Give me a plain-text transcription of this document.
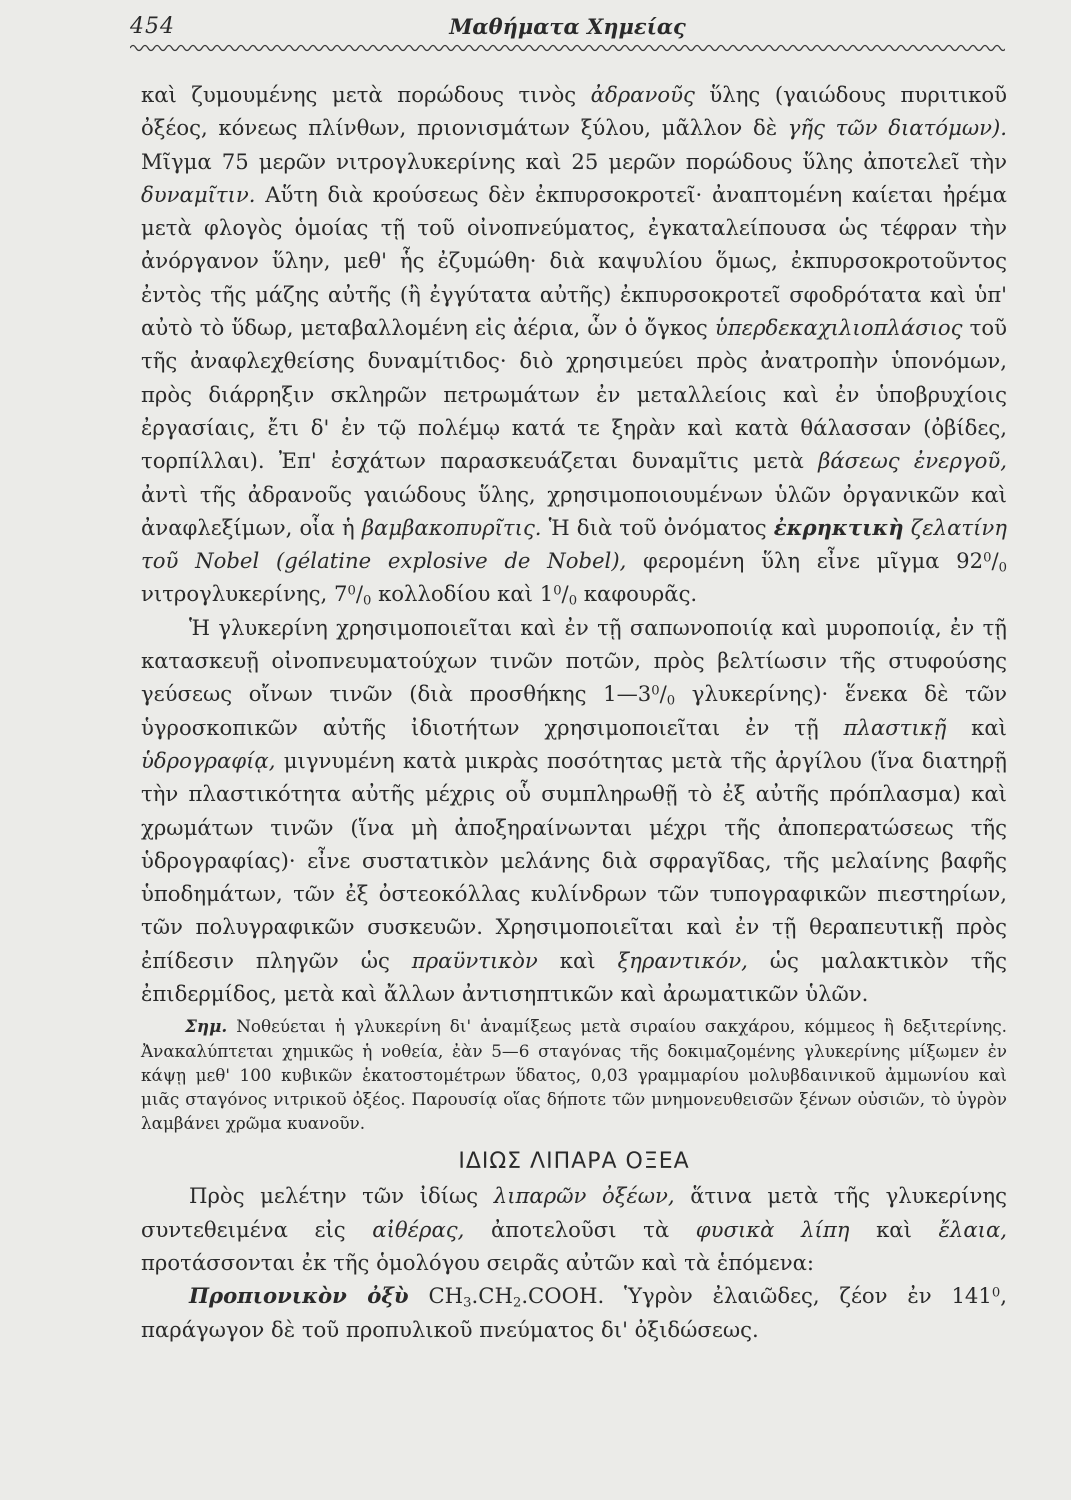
454	Μαθήματα Χημείας

καὶ ζυμουμένης μετὰ πορώδους τινὸς ἀδρανοῦς ὕλης (γαιώδους πυριτικοῦ ὀξέος, κόνεως πλίνθων, πριονισμάτων ξύλου, μᾶλλον δὲ γῆς τῶν διατόμων). Μῖγμα 75 μερῶν νιτρογλυκερίνης καὶ 25 μερῶν πορώδους ὕλης ἀποτελεῖ τὴν δυναμῖτιν. Αὕτη διὰ κρούσεως δὲν ἐκπυρσοκροτεῖ· ἀναπτομένη καίεται ἠρέμα μετὰ φλογὸς ὁμοίας τῇ τοῦ οἰνοπνεύματος, ἐγκαταλείπουσα ὡς τέφραν τὴν ἀνόργανον ὕλην, μεθ' ἧς ἐζυμώθη· διὰ καψυλίου ὅμως, ἐκπυρσοκροτοῦντος ἐντὸς τῆς μάζης αὐτῆς (ἢ ἐγγύτατα αὐτῆς) ἐκπυρσοκροτεῖ σφοδρότατα καὶ ὑπ' αὐτὸ τὸ ὕδωρ, μεταβαλλομένη εἰς ἀέρια, ὧν ὁ ὄγκος ὑπερδεκαχιλιοπλάσιος τοῦ τῆς ἀναφλεχθείσης δυναμίτιδος· διὸ χρησιμεύει πρὸς ἀνατροπὴν ὑπονόμων, πρὸς διάρρηξιν σκληρῶν πετρωμάτων ἐν μεταλλείοις καὶ ἐν ὑποβρυχίοις ἐργασίαις, ἔτι δ' ἐν τῷ πολέμῳ κατά τε ξηρὰν καὶ κατὰ θάλασσαν (ὀβίδες, τορπίλλαι). Ἐπ' ἐσχάτων παρασκευάζεται δυναμῖτις μετὰ βάσεως ἐνεργοῦ, ἀντὶ τῆς ἀδρανοῦς γαιώδους ὕλης, χρησιμοποιουμένων ὑλῶν ὀργανικῶν καὶ ἀναφλεξίμων, οἷα ἡ βαμβακοπυρῖτις. Ἡ διὰ τοῦ ὀνόματος ἐκρηκτικὴ ζελατίνη τοῦ Nobel (gélatine explosive de Nobel), φερομένη ὕλη εἶνε μῖγμα $92^0/_0$ νιτρογλυκερίνης, $7^0/_0$ κολλοδίου καὶ $1^0/_0$ καφουρᾶς.

Ἡ γλυκερίνη χρησιμοποιεῖται καὶ ἐν τῇ σαπωνοποιίᾳ καὶ μυροποιίᾳ, ἐν τῇ κατασκευῇ οἰνοπνευματούχων τινῶν ποτῶν, πρὸς βελτίωσιν τῆς στυφούσης γεύσεως οἴνων τινῶν (διὰ προσθήκης $1—3^0/_0$ γλυκερίνης)· ἕνεκα δὲ τῶν ὑγροσκοπικῶν αὐτῆς ἰδιοτήτων χρησιμοποιεῖται ἐν τῇ πλαστικῇ καὶ ὑδρογραφίᾳ, μιγνυμένη κατὰ μικρὰς ποσότητας μετὰ τῆς ἀργίλου (ἵνα διατηρῇ τὴν πλαστικότητα αὐτῆς μέχρις οὗ συμπληρωθῇ τὸ ἐξ αὐτῆς πρόπλασμα) καὶ χρωμάτων τινῶν (ἵνα μὴ ἀποξηραίνωνται μέχρι τῆς ἀποπερατώσεως τῆς ὑδρογραφίας)· εἶνε συστατικὸν μελάνης διὰ σφραγῖδας, τῆς μελαίνης βαφῆς ὑποδημάτων, τῶν ἐξ ὀστεοκόλλας κυλίνδρων τῶν τυπογραφικῶν πιεστηρίων, τῶν πολυγραφικῶν συσκευῶν. Χρησιμοποιεῖται καὶ ἐν τῇ θεραπευτικῇ πρὸς ἐπίδεσιν πληγῶν ὡς πραϋντικὸν καὶ ξηραντικόν, ὡς μαλακτικὸν τῆς ἐπιδερμίδος, μετὰ καὶ ἄλλων ἀντισηπτικῶν καὶ ἀρωματικῶν ὑλῶν.

Σημ. Νοθεύεται ἡ γλυκερίνη δι' ἀναμίξεως μετὰ σιραίου σακχάρου, κόμμεος ἢ δεξιτερίνης. Ἀνακαλύπτεται χημικῶς ἡ νοθεία, ἐὰν 5—6 σταγόνας τῆς δοκιμαζομένης γλυκερίνης μίξωμεν ἐν κάψῃ μεθ' 100 κυβικῶν ἑκατοστομέτρων ὕδατος, 0,03 γραμμαρίου μολυβδαινικοῦ ἀμμωνίου καὶ μιᾶς σταγόνος νιτρικοῦ ὀξέος. Παρουσίᾳ οἵας δήποτε τῶν μνημονευθεισῶν ξένων οὐσιῶν, τὸ ὑγρὸν λαμβάνει χρῶμα κυανοῦν.

ΙΔΙΩΣ ΛΙΠΑΡΑ ΟΞΕΑ

Πρὸς μελέτην τῶν ἰδίως λιπαρῶν ὀξέων, ἅτινα μετὰ τῆς γλυκερίνης συντεθειμένα εἰς αἰθέρας, ἀποτελοῦσι τὰ φυσικὰ λίπη καὶ ἔλαια, προτάσσονται ἐκ τῆς ὁμολόγου σειρᾶς αὐτῶν καὶ τὰ ἑπόμενα:

Προπιονικὸν ὀξὺ $CH_3.CH_2.COOH$. Ὑγρὸν ἐλαιῶδες, ζέον ἐν $141^0$, παράγωγον δὲ τοῦ προπυλικοῦ πνεύματος δι' ὀξιδώσεως.
